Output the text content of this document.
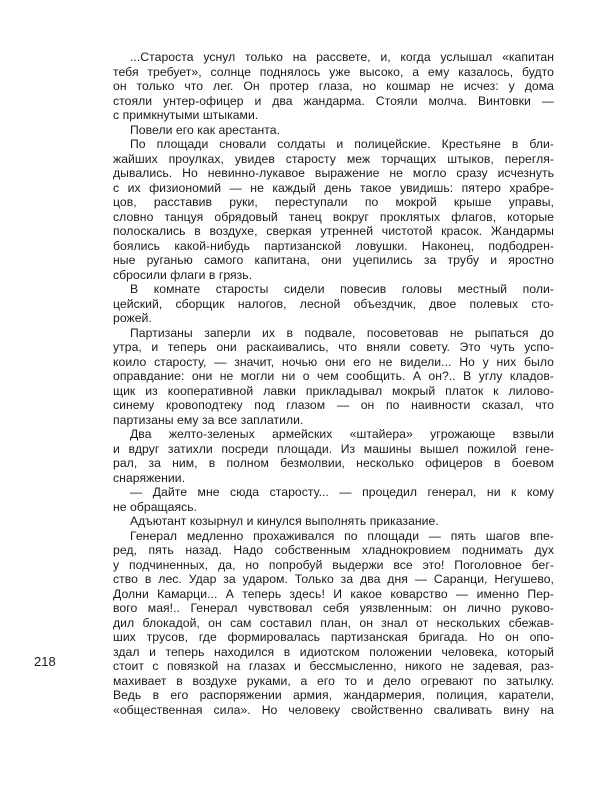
...Староста уснул только на рассвете, и, когда услышал «капитан

тебя требует», солнце поднялось уже высоко, а ему казалось, будто

он только что лег. Он протер глаза, но кошмар не исчез: у дома

стояли унтер-офицер и два жандарма. Стояли молча. Винтовки —

с примкнутыми штыками.

Повели его как арестанта.

По площади сновали солдаты и полицейские. Крестьяне в бли-

жайших проулках, увидев старосту меж торчащих штыков, перегля-

дывались. Но невинно-лукавое выражение не могло сразу исчезнуть

с их физиономий — не каждый день такое увидишь: пятеро храбре-

цов, расставив руки, переступали по мокрой крыше управы,

словно танцуя обрядовый танец вокруг проклятых флагов, которые

полоскались в воздухе, сверкая утренней чистотой красок. Жандармы

боялись какой-нибудь партизанской ловушки. Наконец, подбодрен-

ные руганью самого капитана, они уцепились за трубу и яростно

сбросили флаги в грязь.

В комнате старосты сидели повесив головы местный поли-

цейский, сборщик налогов, лесной объездчик, двое полевых сто-

рожей.

Партизаны заперли их в подвале, посоветовав не рыпаться до

утра, и теперь они раскаивались, что вняли совету. Это чуть успо-

коило старосту, — значит, ночью они его не видели... Но у них было

оправдание: они не могли ни о чем сообщить. А он?.. В углу кладов-

щик из кооперативной лавки прикладывал мокрый платок к лилово-

синему кровоподтеку под глазом — он по наивности сказал, что

партизаны ему за все заплатили.

Два желто-зеленых армейских «штайера» угрожающе взвыли

и вдруг затихли посреди площади. Из машины вышел пожилой гене-

рал, за ним, в полном безмолвии, несколько офицеров в боевом

снаряжении.

— Дайте мне сюда старосту... — процедил генерал, ни к кому

не обращаясь.

Адъютант козырнул и кинулся выполнять приказание.

Генерал медленно прохаживался по площади — пять шагов впе-

ред, пять назад. Надо собственным хладнокровием поднимать дух

у подчиненных, да, но попробуй выдержи все это! Поголовное бег-

ство в лес. Удар за ударом. Только за два дня — Саранци, Негушево,

Долни Камарци... А теперь здесь! И какое коварство — именно Пер-

вого мая!.. Генерал чувствовал себя уязвленным: он лично руково-

дил блокадой, он сам составил план, он знал от нескольких сбежав-

ших трусов, где формировалась партизанская бригада. Но он опо-

здал и теперь находился в идиотском положении человека, который

стоит с повязкой на глазах и бессмысленно, никого не задевая, раз-

махивает в воздухе руками, а его то и дело огревают по затылку.

Ведь в его распоряжении армия, жандармерия, полиция, каратели,

«общественная сила». Но человеку свойственно сваливать вину на

218
